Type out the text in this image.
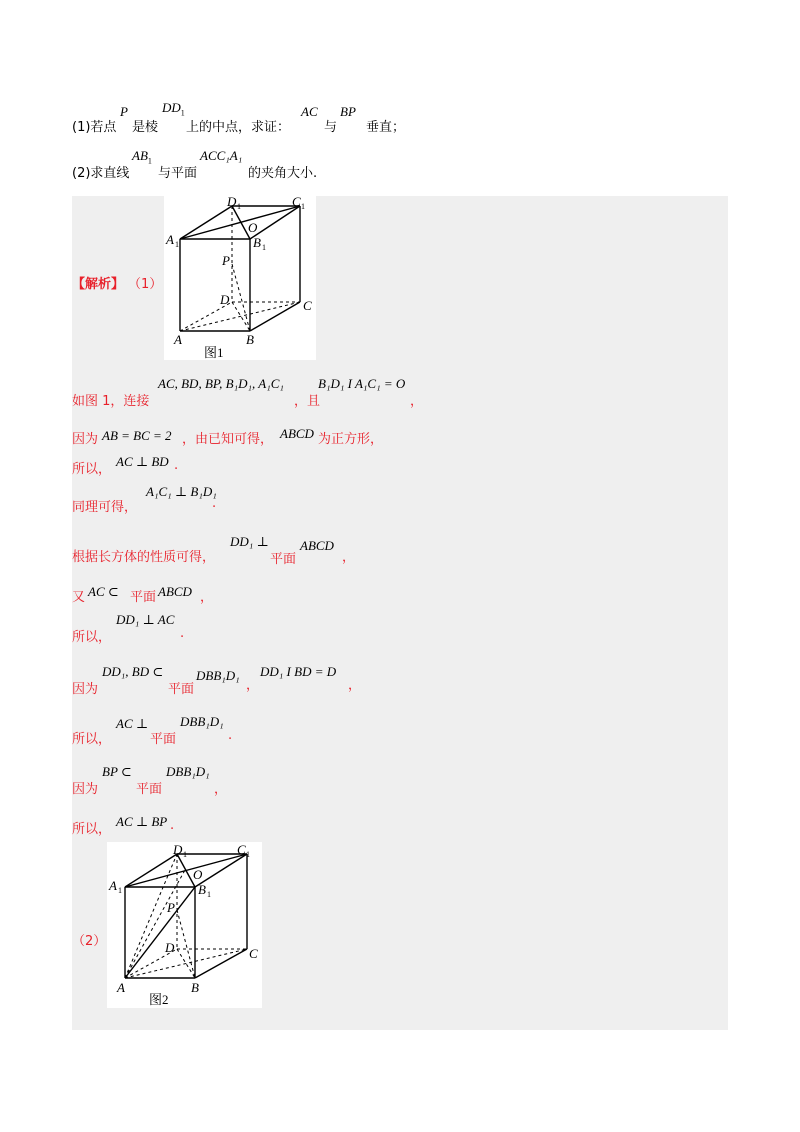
(1)若点
P
是棱
$DD_1$
上的中点，求证：
AC
与
BP
垂直；
(2)求直线
$AB_1$
与平面
ACC₁A₁
的夹角大小.
【解析】 （1）
D 1	C 1
A 1
O
B 1
P
D	C
A	B
图1
如图 1，连接
AC, BD, BP, B₁D₁, A₁C₁
，且
B₁D₁ I A₁C₁ = O
，
因为 AB = BC = 2 ，由已知可得， ABCD 为正方形，
所以，
AC ⊥ BD .
同理可得，
A₁C₁ ⊥ B₁D₁
.
根据长方体的性质可得，
DD₁ ⊥
平面
ABCD
，
又 AC ⊂ 平面 ABCD ，
所以，
DD₁ ⊥ AC
.
因为
DD₁, BD ⊂
平面
DBB₁D₁
，
DD₁ I BD = D
，
所以，
AC ⊥
平面
DBB₁D₁
.
因为
BP ⊂
平面
DBB₁D₁
，
所以，
AC ⊥ BP .
（2）
D 1	C 1
A 1
O
B 1
P
D	C
A	B
图2
